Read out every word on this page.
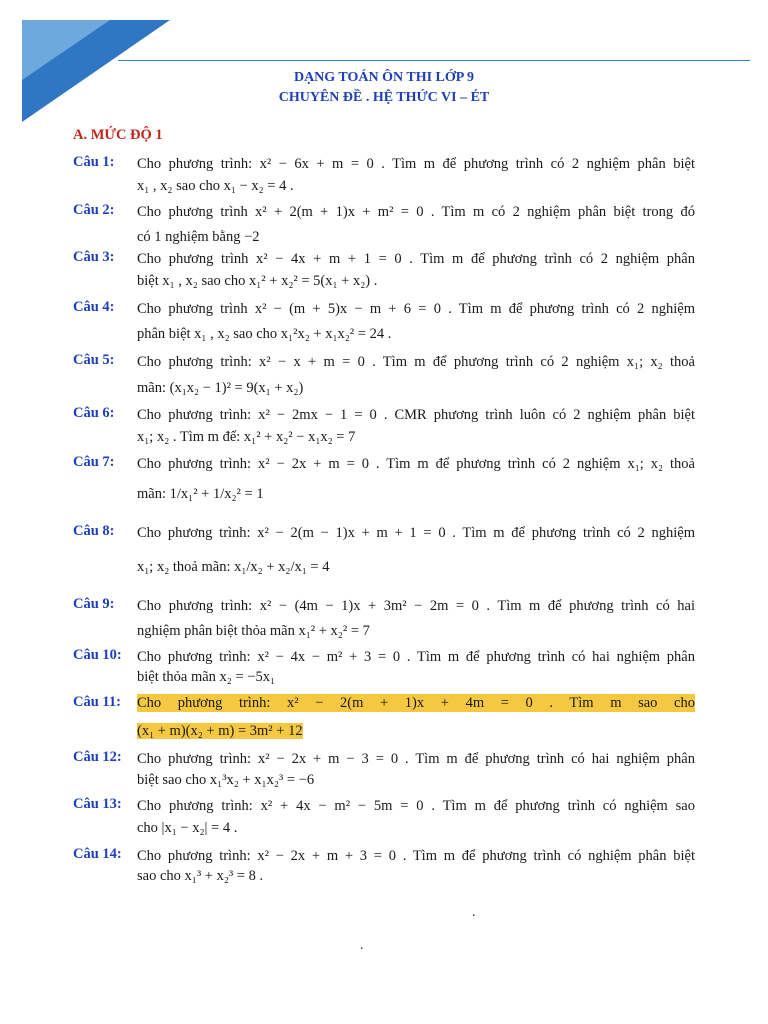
DẠNG TOÁN ÔN THI LỚP 9
CHUYÊN ĐỀ . HỆ THỨC VI – ÉT
A. MỨC ĐỘ 1
Câu 1: Cho phương trình: x² − 6x + m = 0 . Tìm m để phương trình có 2 nghiệm phân biệt
x₁ , x₂ sao cho x₁ − x₂ = 4 .
Câu 2: Cho phương trình x² + 2(m + 1)x + m² = 0 . Tìm m có 2 nghiệm phân biệt trong đó
có 1 nghiệm bằng −2
Câu 3: Cho phương trình x² − 4x + m + 1 = 0 . Tìm m để phương trình có 2 nghiệm phân
biệt x₁ , x₂ sao cho x₁² + x₂² = 5(x₁ + x₂) .
Câu 4: Cho phương trình x² − (m + 5)x − m + 6 = 0 . Tìm m để phương trình có 2 nghiệm
phân biệt x₁ , x₂ sao cho x₁²x₂ + x₁x₂² = 24 .
Câu 5: Cho phương trình: x² − x + m = 0 . Tìm m để phương trình có 2 nghiệm x₁; x₂ thoả
mãn: (x₁x₂ − 1)² = 9(x₁ + x₂)
Câu 6: Cho phương trình: x² − 2mx − 1 = 0 . CMR phương trình luôn có 2 nghiệm phân biệt
x₁; x₂ . Tìm m để: x₁² + x₂² − x₁x₂ = 7
Câu 7: Cho phương trình: x² − 2x + m = 0 . Tìm m để phương trình có 2 nghiệm x₁; x₂ thoả
mãn: 1/x₁² + 1/x₂² = 1
Câu 8: Cho phương trình: x² − 2(m − 1)x + m + 1 = 0 . Tìm m để phương trình có 2 nghiệm
x₁; x₂ thoả mãn: x₁/x₂ + x₂/x₁ = 4
Câu 9: Cho phương trình: x² − (4m − 1)x + 3m² − 2m = 0 . Tìm m để phương trình có hai
nghiệm phân biệt thỏa mãn x₁² + x₂² = 7
Câu 10: Cho phương trình: x² − 4x − m² + 3 = 0 . Tìm m để phương trình có hai nghiệm phân
biệt thỏa mãn x₂ = −5x₁
Câu 11: Cho phương trình: x² − 2(m + 1)x + 4m = 0 . Tìm m sao cho
(x₁ + m)(x₂ + m) = 3m² + 12
Câu 12: Cho phương trình: x² − 2x + m − 3 = 0 . Tìm m để phương trình có hai nghiệm phân
biệt sao cho x₁³x₂ + x₁x₂³ = −6
Câu 13: Cho phương trình: x² + 4x − m² − 5m = 0 . Tìm m để phương trình có nghiệm sao
cho |x₁ − x₂| = 4 .
Câu 14: Cho phương trình: x² − 2x + m + 3 = 0 . Tìm m để phương trình có nghiệm phân biệt
sao cho x₁³ + x₂³ = 8 .
.
.
